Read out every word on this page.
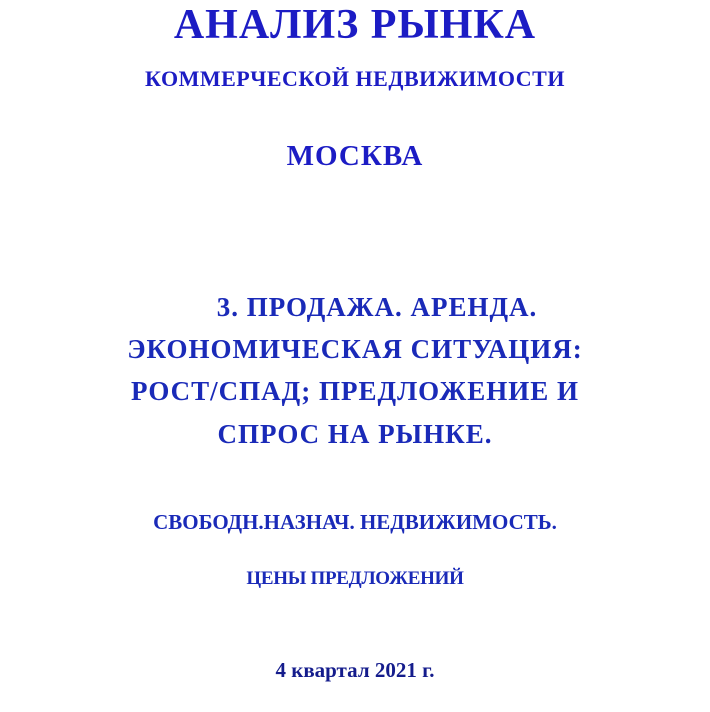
АНАЛИЗ РЫНКА
КОММЕРЧЕСКОЙ НЕДВИЖИМОСТИ
МОСКВА
3. ПРОДАЖА. АРЕНДА.
ЭКОНОМИЧЕСКАЯ СИТУАЦИЯ:
РОСТ/СПАД; ПРЕДЛОЖЕНИЕ И
СПРОС НА РЫНКЕ.
СВОБОДН.НАЗНАЧ. НЕДВИЖИМОСТЬ.
ЦЕНЫ ПРЕДЛОЖЕНИЙ
4 квартал 2021 г.
